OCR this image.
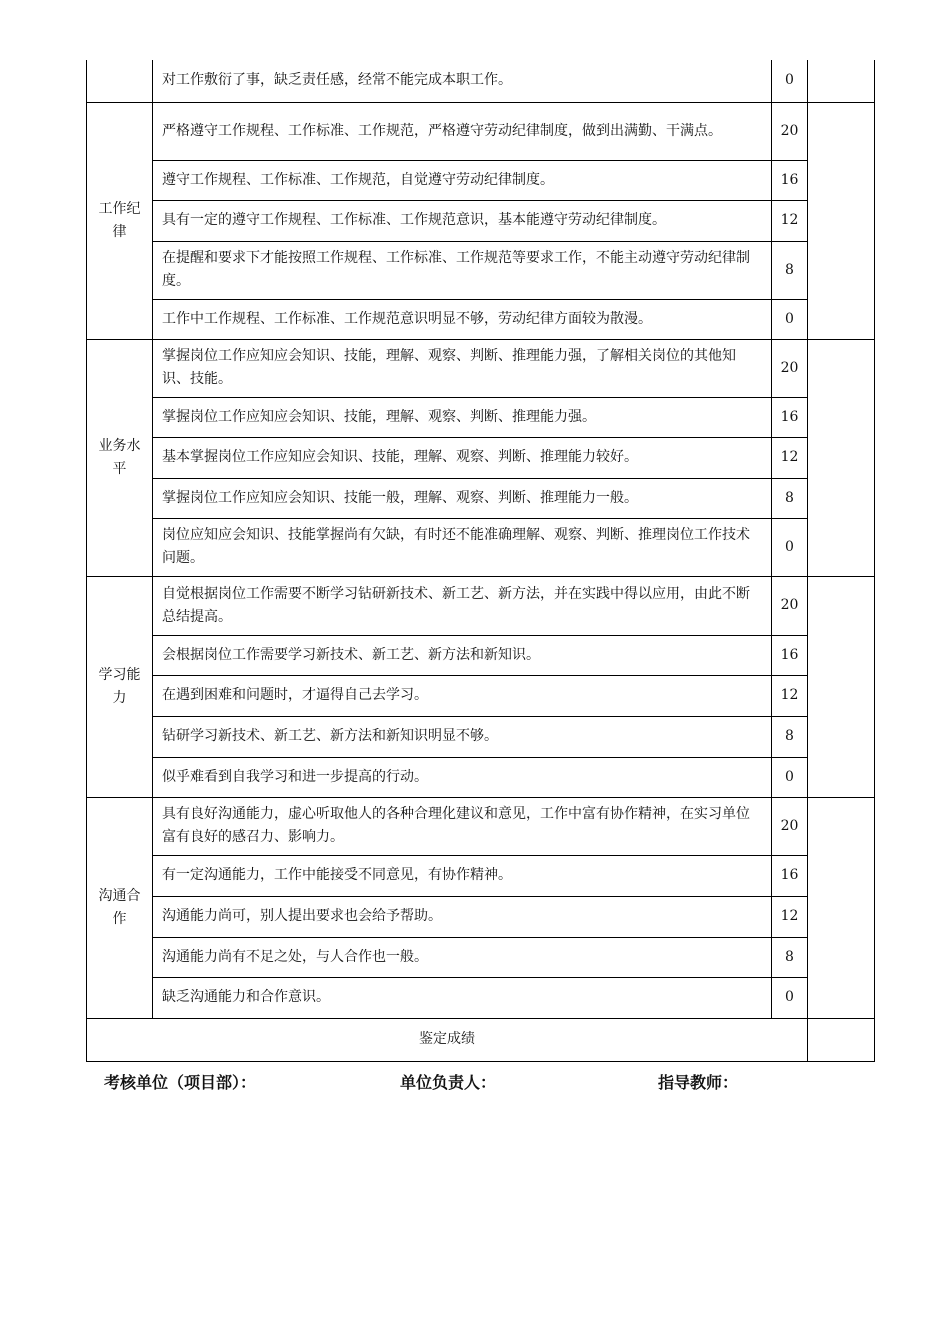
	对工作敷衍了事，缺乏责任感，经常不能完成本职工作。	0	
工作纪律	严格遵守工作规程、工作标准、工作规范，严格遵守劳动纪律制度，做到出满勤、干满点。	20	
	遵守工作规程、工作标准、工作规范，自觉遵守劳动纪律制度。	16	
	具有一定的遵守工作规程、工作标准、工作规范意识，基本能遵守劳动纪律制度。	12	
	在提醒和要求下才能按照工作规程、工作标准、工作规范等要求工作，不能主动遵守劳动纪律制度。	8	
	工作中工作规程、工作标准、工作规范意识明显不够，劳动纪律方面较为散漫。	0	
业务水平	掌握岗位工作应知应会知识、技能，理解、观察、判断、推理能力强，了解相关岗位的其他知识、技能。	20	
	掌握岗位工作应知应会知识、技能，理解、观察、判断、推理能力强。	16	
	基本掌握岗位工作应知应会知识、技能，理解、观察、判断、推理能力较好。	12	
	掌握岗位工作应知应会知识、技能一般，理解、观察、判断、推理能力一般。	8	
	岗位应知应会知识、技能掌握尚有欠缺，有时还不能准确理解、观察、判断、推理岗位工作技术问题。	0	
学习能力	自觉根据岗位工作需要不断学习钻研新技术、新工艺、新方法，并在实践中得以应用，由此不断总结提高。	20	
	会根据岗位工作需要学习新技术、新工艺、新方法和新知识。	16	
	在遇到困难和问题时，才逼得自己去学习。	12	
	钻研学习新技术、新工艺、新方法和新知识明显不够。	8	
	似乎难看到自我学习和进一步提高的行动。	0	
沟通合作	具有良好沟通能力，虚心听取他人的各种合理化建议和意见，工作中富有协作精神，在实习单位富有良好的感召力、影响力。	20	
	有一定沟通能力，工作中能接受不同意见，有协作精神。	16	
	沟通能力尚可，别人提出要求也会给予帮助。	12	
	沟通能力尚有不足之处，与人合作也一般。	8	
	缺乏沟通能力和合作意识。	0	
鉴定成绩			
考核单位（项目部）：	单位负责人：	指导教师：
